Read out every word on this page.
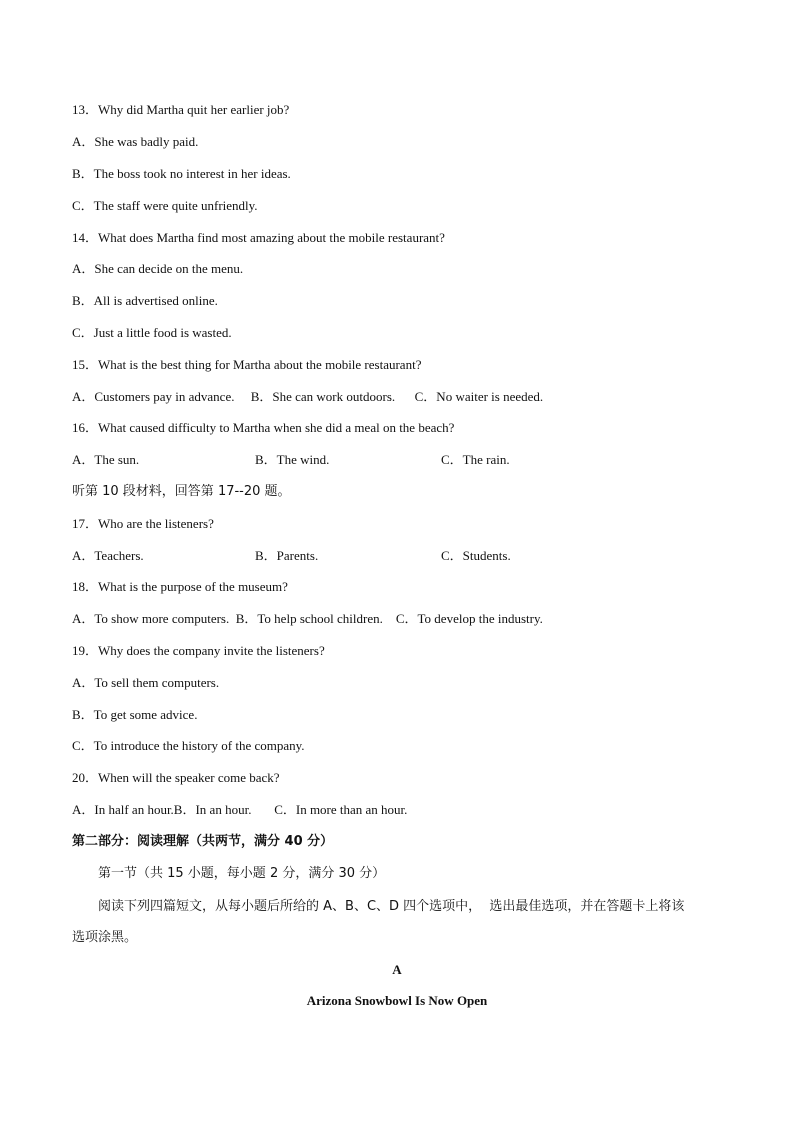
13．Why did Martha quit her earlier job?
A．She was badly paid.
B．The boss took no interest in her ideas.
C．The staff were quite unfriendly.
14．What does Martha find most amazing about the mobile restaurant?
A．She can decide on the menu.
B．All is advertised online.
C．Just a little food is wasted.
15．What is the best thing for Martha about the mobile restaurant?
A．Customers pay in advance.     B．She can work outdoors.      C．No waiter is needed.
16．What caused difficulty to Martha when she did a meal on the beach?
A．The sun.	B．The wind.	C．The rain.
听第 10 段材料，回答第 17--20 题。
17．Who are the listeners?
A．Teachers.	B．Parents.	C．Students.
18．What is the purpose of the museum?
A．To show more computers.  B．To help school children.    C．To develop the industry.
19．Why does the company invite the listeners?
A．To sell them computers.
B．To get some advice.
C．To introduce the history of the company.
20．When will the speaker come back?
A．In half an hour.B．In an hour.       C．In more than an hour.
第二部分：阅读理解（共两节，满分 40 分）
第一节（共 15 小题，每小题 2 分，满分 30 分）
阅读下列四篇短文，从每小题后所给的 A、B、C、D 四个选项中，  选出最佳选项，并在答题卡上将该
选项涂黑。
A
Arizona Snowbowl Is Now Open
